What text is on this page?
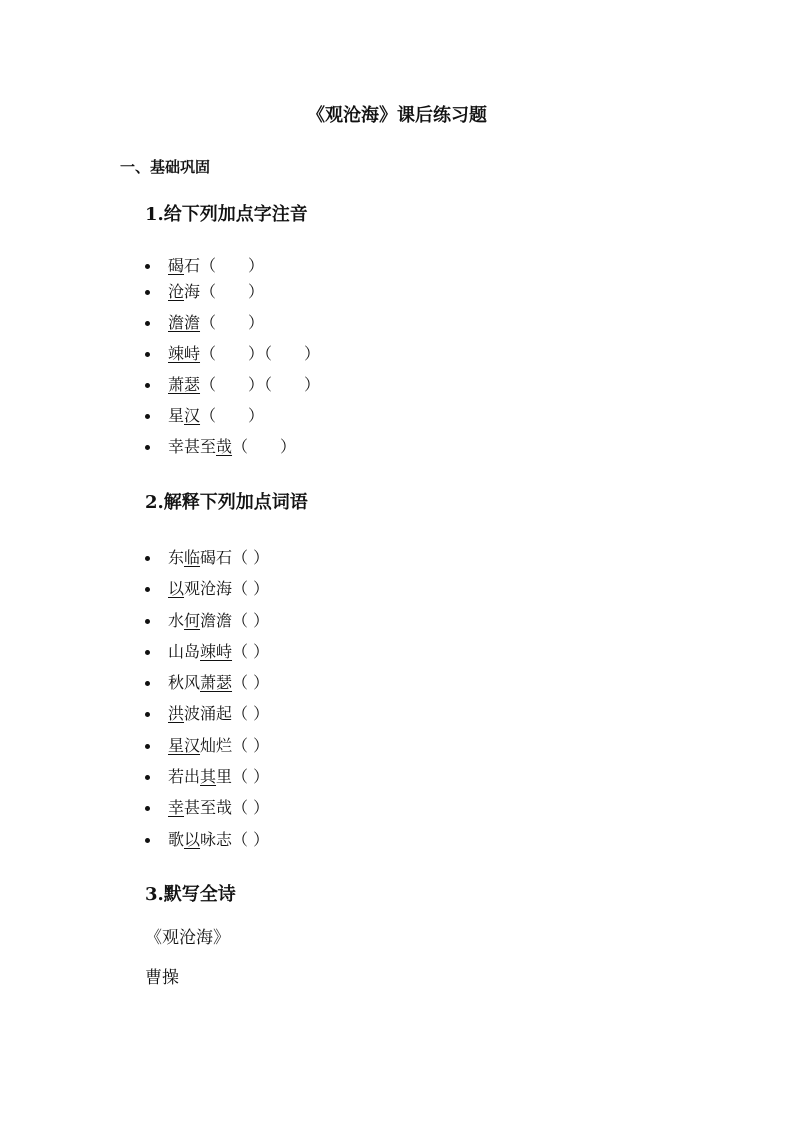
《观沧海》课后练习题
一、基础巩固
1.给下列加点字注音
碣石（　　）
沧海（　　）
澹澹（　　）
竦峙（　　）（　　）
萧瑟（　　）（　　）
星汉（　　）
幸甚至哉（　　）
2.解释下列加点词语
东临碣石（ ）
以观沧海（ ）
水何澹澹（ ）
山岛竦峙（ ）
秋风萧瑟（ ）
洪波涌起（ ）
星汉灿烂（ ）
若出其里（ ）
幸甚至哉（ ）
歌以咏志（ ）
3.默写全诗
《观沧海》
曹操
